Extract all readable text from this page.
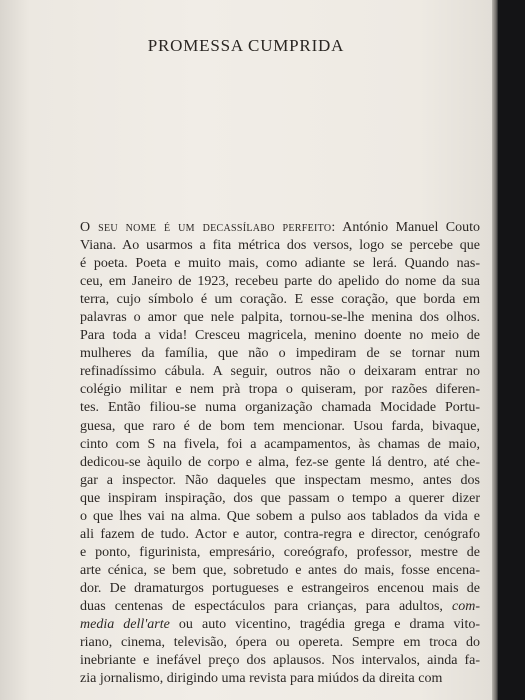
PROMESSA CUMPRIDA
O seu nome é um decassílabo perfeito: António Manuel Couto
Viana. Ao usarmos a fita métrica dos versos, logo se percebe que
é poeta. Poeta e muito mais, como adiante se lerá. Quando nas-
ceu, em Janeiro de 1923, recebeu parte do apelido do nome da sua
terra, cujo símbolo é um coração. E esse coração, que borda em
palavras o amor que nele palpita, tornou-se-lhe menina dos olhos.
Para toda a vida! Cresceu magricela, menino doente no meio de
mulheres da família, que não o impediram de se tornar num
refinadíssimo cábula. A seguir, outros não o deixaram entrar no
colégio militar e nem prà tropa o quiseram, por razões diferen-
tes. Então filiou-se numa organização chamada Mocidade Portu-
guesa, que raro é de bom tem mencionar. Usou farda, bivaque,
cinto com S na fivela, foi a acampamentos, às chamas de maio,
dedicou-se àquilo de corpo e alma, fez-se gente lá dentro, até che-
gar a inspector. Não daqueles que inspectam mesmo, antes dos
que inspiram inspiração, dos que passam o tempo a querer dizer
o que lhes vai na alma. Que sobem a pulso aos tablados da vida e
ali fazem de tudo. Actor e autor, contra-regra e director, cenógrafo
e ponto, figurinista, empresário, coreógrafo, professor, mestre de
arte cénica, se bem que, sobretudo e antes do mais, fosse encena-
dor. De dramaturgos portugueses e estrangeiros encenou mais de
duas centenas de espectáculos para crianças, para adultos, com-
media dell'arte ou auto vicentino, tragédia grega e drama vito-
riano, cinema, televisão, ópera ou opereta. Sempre em troca do
inebriante e inefável preço dos aplausos. Nos intervalos, ainda fa-
zia jornalismo, dirigindo uma revista para miúdos da direita com
